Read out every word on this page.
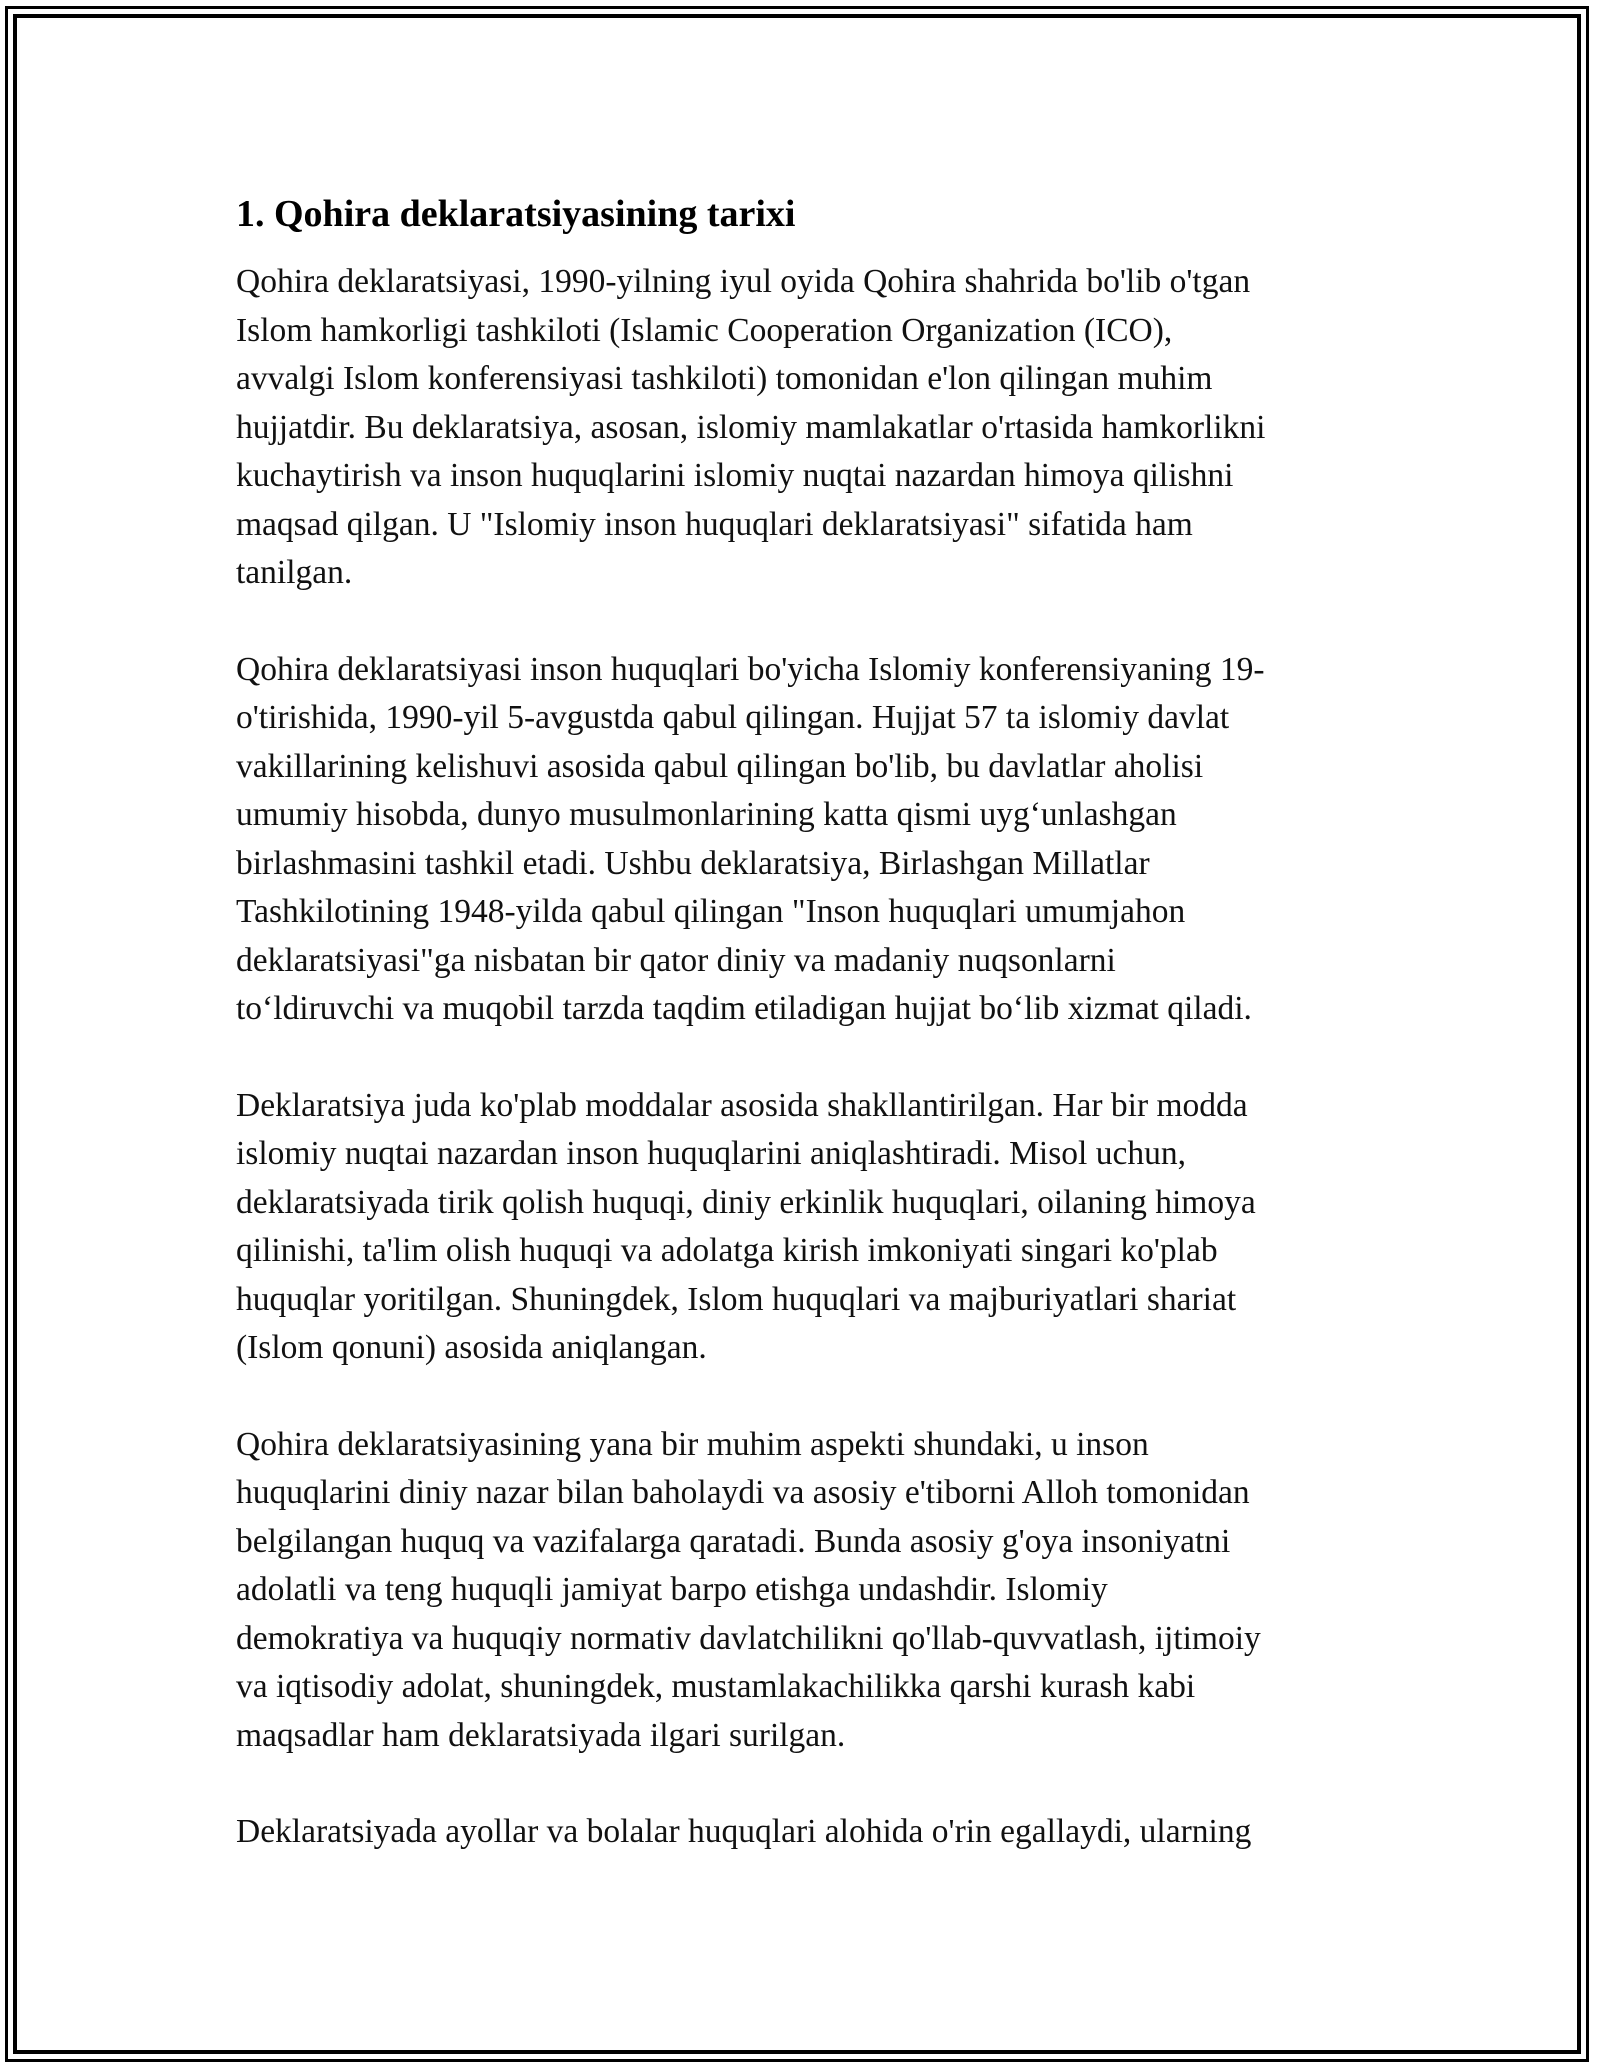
1. Qohira deklaratsiyasining tarixi

Qohira deklaratsiyasi, 1990-yilning iyul oyida Qohira shahrida bo'lib o'tgan
Islom hamkorligi tashkiloti (Islamic Cooperation Organization (ICO),
avvalgi Islom konferensiyasi tashkiloti) tomonidan e'lon qilingan muhim
hujjatdir. Bu deklaratsiya, asosan, islomiy mamlakatlar o'rtasida hamkorlikni
kuchaytirish va inson huquqlarini islomiy nuqtai nazardan himoya qilishni
maqsad qilgan. U "Islomiy inson huquqlari deklaratsiyasi" sifatida ham
tanilgan.

Qohira deklaratsiyasi inson huquqlari bo'yicha Islomiy konferensiyaning 19-
o'tirishida, 1990-yil 5-avgustda qabul qilingan. Hujjat 57 ta islomiy davlat
vakillarining kelishuvi asosida qabul qilingan bo'lib, bu davlatlar aholisi
umumiy hisobda, dunyo musulmonlarining katta qismi uyg‘unlashgan
birlashmasini tashkil etadi. Ushbu deklaratsiya, Birlashgan Millatlar
Tashkilotining 1948-yilda qabul qilingan "Inson huquqlari umumjahon
deklaratsiyasi"ga nisbatan bir qator diniy va madaniy nuqsonlarni
to‘ldiruvchi va muqobil tarzda taqdim etiladigan hujjat bo‘lib xizmat qiladi.

Deklaratsiya juda ko'plab moddalar asosida shakllantirilgan. Har bir modda
islomiy nuqtai nazardan inson huquqlarini aniqlashtiradi. Misol uchun,
deklaratsiyada tirik qolish huquqi, diniy erkinlik huquqlari, oilaning himoya
qilinishi, ta'lim olish huquqi va adolatga kirish imkoniyati singari ko'plab
huquqlar yoritilgan. Shuningdek, Islom huquqlari va majburiyatlari shariat
(Islom qonuni) asosida aniqlangan.

Qohira deklaratsiyasining yana bir muhim aspekti shundaki, u inson
huquqlarini diniy nazar bilan baholaydi va asosiy e'tiborni Alloh tomonidan
belgilangan huquq va vazifalarga qaratadi. Bunda asosiy g'oya insoniyatni
adolatli va teng huquqli jamiyat barpo etishga undashdir. Islomiy
demokratiya va huquqiy normativ davlatchilikni qo'llab-quvvatlash, ijtimoiy
va iqtisodiy adolat, shuningdek, mustamlakachilikka qarshi kurash kabi
maqsadlar ham deklaratsiyada ilgari surilgan.

Deklaratsiyada ayollar va bolalar huquqlari alohida o'rin egallaydi, ularning
